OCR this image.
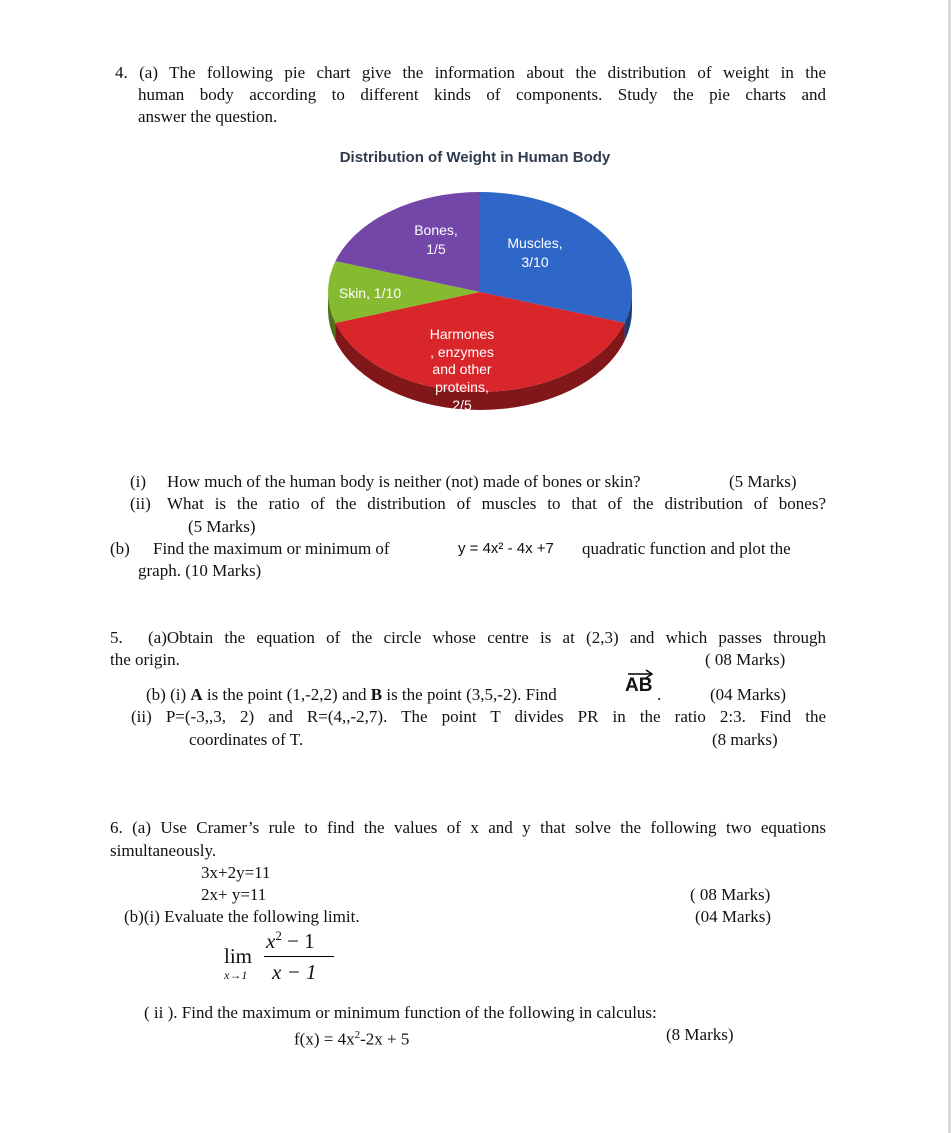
4. (a) The following pie chart give the information about the distribution of weight in the
human body according to different kinds of components. Study the pie charts and
answer the question.
Distribution of Weight in Human Body
Muscles,
3/10
Harmones
, enzymes
and other
proteins,
2/5
Skin, 1/10
Bones,
1/5
(i) How much of the human body is neither (not) made of bones or skin?	(5 Marks)
(ii) What is the ratio of the distribution of muscles to that of the distribution of bones?
(5 Marks)
(b) Find the maximum or minimum of	y = 4x² - 4x +7 quadratic function and plot the
graph. (10 Marks)
5. (a)Obtain the equation of the circle whose centre is at (2,3) and which passes through
the origin.	( 08 Marks)
(b) (i) A is the point (1,-2,2) and B is the point (3,5,-2). Find	AB .	(04 Marks)
(ii) P=(-3,,3, 2) and R=(4,,-2,7). The point T divides PR in the ratio 2:3. Find the
coordinates of T.	(8 marks)
6. (a) Use Cramer’s rule to find the values of x and y that solve the following two equations
simultaneously.
3x+2y=11
2x+ y=11	( 08 Marks)
(b)(i) Evaluate the following limit.	(04 Marks)
lim
x→1
$x^2 - 1$
x − 1
( ii ). Find the maximum or minimum function of the following in calculus:
$f(x) = 4x^2-2x + 5$	(8 Marks)
